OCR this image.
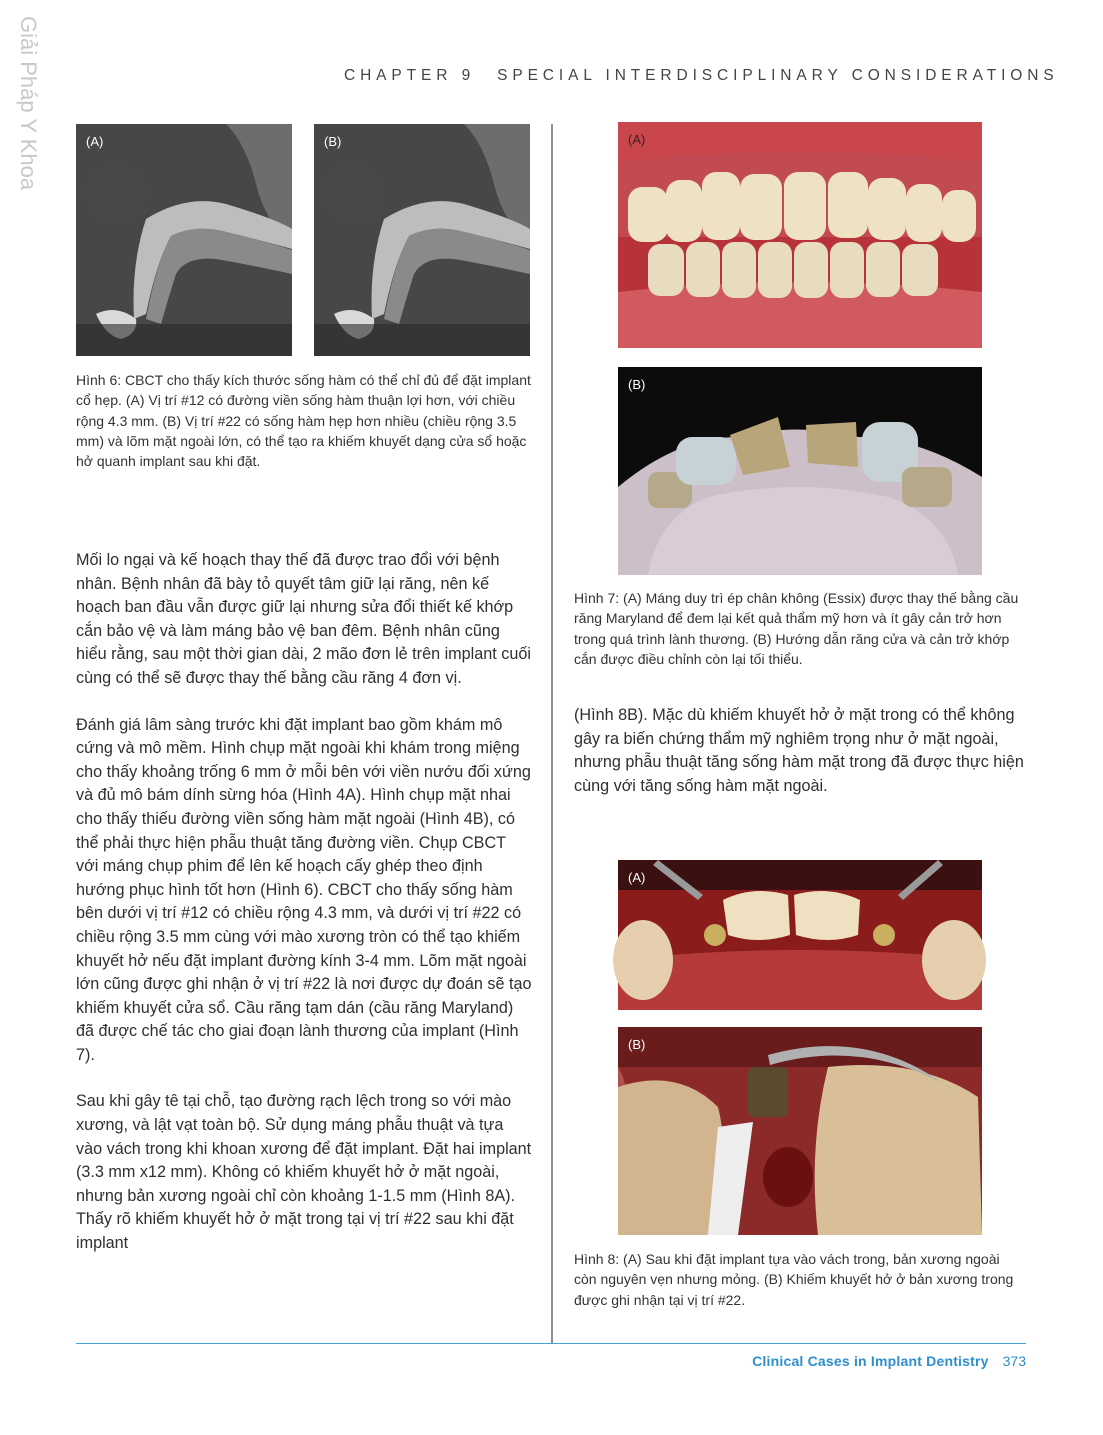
Giải Pháp Y Khoa	CHAPTER 9 SPECIAL INTERDISCIPLINARY CONSIDERATIONS
(A)	(B)
Hình 6: CBCT cho thấy kích thước sống hàm có thể chỉ đủ để đặt implant cổ hẹp. (A) Vị trí #12 có đường viền sống hàm thuận lợi hơn, với chiều rộng 4.3 mm. (B) Vị trí #22 có sống hàm hẹp hơn nhiều (chiều rộng 3.5 mm) và lõm mặt ngoài lớn, có thể tạo ra khiếm khuyết dạng cửa sổ hoặc hở quanh implant sau khi đặt.

Mối lo ngại và kế hoạch thay thế đã được trao đổi với bệnh nhân. Bệnh nhân đã bày tỏ quyết tâm giữ lại răng, nên kế hoạch ban đầu vẫn được giữ lại nhưng sửa đổi thiết kế khớp cắn bảo vệ và làm máng bảo vệ ban đêm. Bệnh nhân cũng hiểu rằng, sau một thời gian dài, 2 mão đơn lẻ trên implant cuối cùng có thể sẽ được thay thế bằng cầu răng 4 đơn vị.

Đánh giá lâm sàng trước khi đặt implant bao gồm khám mô cứng và mô mềm. Hình chụp mặt ngoài khi khám trong miệng cho thấy khoảng trống 6 mm ở mỗi bên với viền nướu đối xứng và đủ mô bám dính sừng hóa (Hình 4A). Hình chụp mặt nhai cho thấy thiếu đường viền sống hàm mặt ngoài (Hình 4B), có thể phải thực hiện phẫu thuật tăng đường viền. Chụp CBCT với máng chụp phim để lên kế hoạch cấy ghép theo định hướng phục hình tốt hơn (Hình 6). CBCT cho thấy sống hàm bên dưới vị trí #12 có chiều rộng 4.3 mm, và dưới vị trí #22 có chiều rộng 3.5 mm cùng với mào xương tròn có thể tạo khiếm khuyết hở nếu đặt implant đường kính 3-4 mm. Lõm mặt ngoài lớn cũng được ghi nhận ở vị trí #22 là nơi được dự đoán sẽ tạo khiếm khuyết cửa sổ. Cầu răng tạm dán (cầu răng Maryland) đã được chế tác cho giai đoạn lành thương của implant (Hình 7).

Sau khi gây tê tại chỗ, tạo đường rạch lệch trong so với mào xương, và lật vạt toàn bộ. Sử dụng máng phẫu thuật và tựa vào vách trong khi khoan xương để đặt implant. Đặt hai implant (3.3 mm x12 mm). Không có khiếm khuyết hở ở mặt ngoài, nhưng bản xương ngoài chỉ còn khoảng 1-1.5 mm (Hình 8A). Thấy rõ khiếm khuyết hở ở mặt trong tại vị trí #22 sau khi đặt implant

(A)
(B)
Hình 7: (A) Máng duy trì ép chân không (Essix) được thay thế bằng cầu răng Maryland để đem lại kết quả thẩm mỹ hơn và ít gây cản trở hơn trong quá trình lành thương. (B) Hướng dẫn răng cửa và cản trở khớp cắn được điều chỉnh còn lại tối thiểu.
(Hình 8B). Mặc dù khiếm khuyết hở ở mặt trong có thể không gây ra biến chứng thẩm mỹ nghiêm trọng như ở mặt ngoài, nhưng phẫu thuật tăng sống hàm mặt trong đã được thực hiện cùng với tăng sống hàm mặt ngoài.
(A)
(B)
Hình 8: (A) Sau khi đặt implant tựa vào vách trong, bản xương ngoài còn nguyên vẹn nhưng mỏng. (B) Khiếm khuyết hở ở bản xương trong được ghi nhận tại vị trí #22.
Clinical Cases in Implant Dentistry 373
